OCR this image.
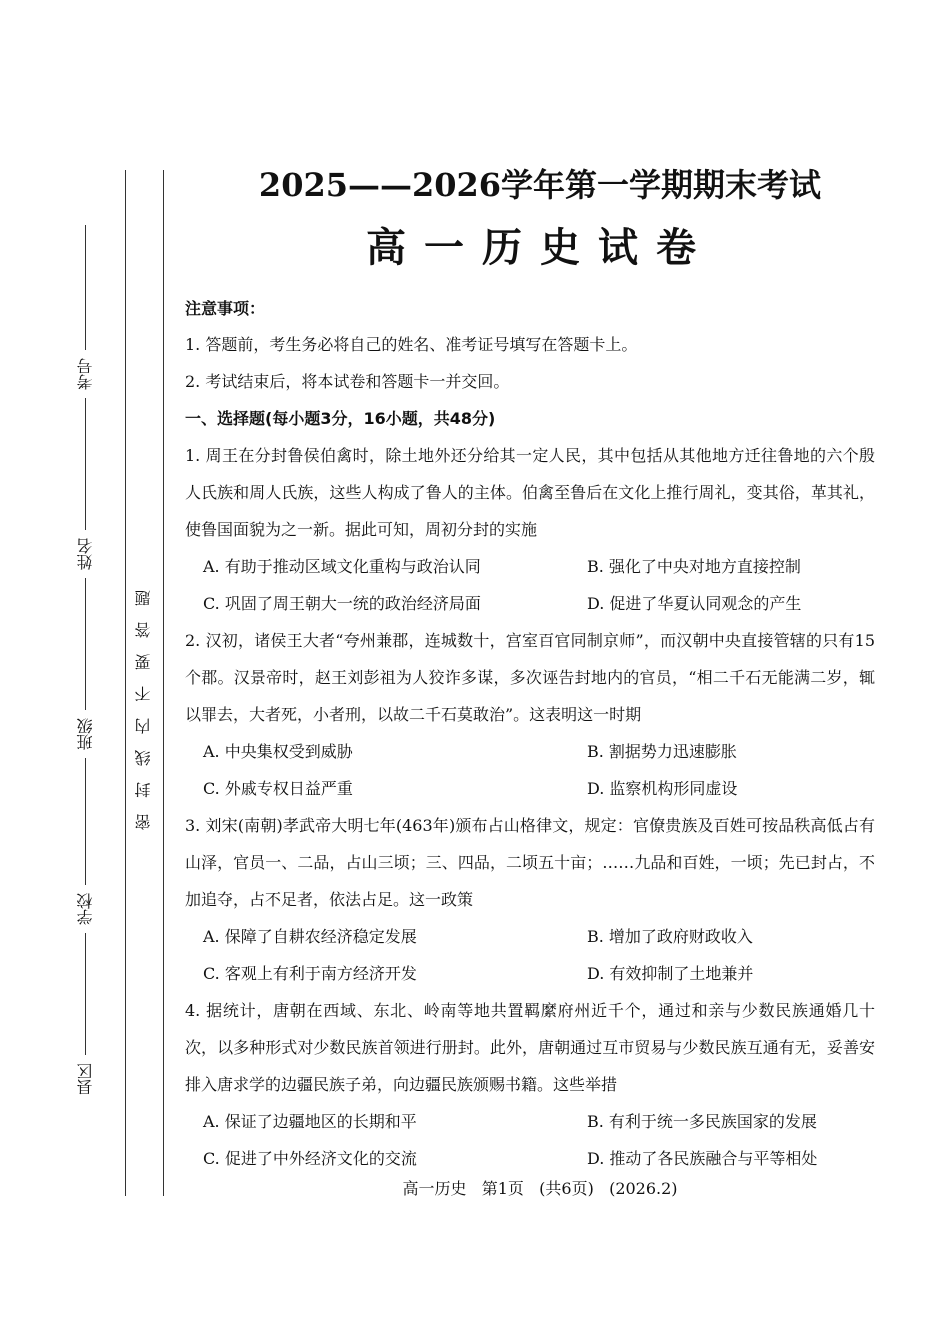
县区
学校
班级
姓名
考号
密封线内不要答题
2025——2026学年第一学期期末考试
高一历史试卷
注意事项：
1. 答题前，考生务必将自己的姓名、准考证号填写在答题卡上。
2. 考试结束后，将本试卷和答题卡一并交回。
一、选择题(每小题3分，16小题，共48分)
1. 周王在分封鲁侯伯禽时，除土地外还分给其一定人民，其中包括从其他地方迁往鲁地的六个殷人氏族和周人氏族，这些人构成了鲁人的主体。伯禽至鲁后在文化上推行周礼，变其俗，革其礼，使鲁国面貌为之一新。据此可知，周初分封的实施
A. 有助于推动区域文化重构与政治认同	B. 强化了中央对地方直接控制
C. 巩固了周王朝大一统的政治经济局面	D. 促进了华夏认同观念的产生
2. 汉初，诸侯王大者“夸州兼郡，连城数十，宫室百官同制京师”，而汉朝中央直接管辖的只有15个郡。汉景帝时，赵王刘彭祖为人狡诈多谋，多次诬告封地内的官员，“相二千石无能满二岁，辄以罪去，大者死，小者刑，以故二千石莫敢治”。这表明这一时期
A. 中央集权受到威胁	B. 割据势力迅速膨胀
C. 外戚专权日益严重	D. 监察机构形同虚设
3. 刘宋(南朝)孝武帝大明七年(463年)颁布占山格律文，规定：官僚贵族及百姓可按品秩高低占有山泽，官员一、二品，占山三顷；三、四品，二顷五十亩；……九品和百姓，一顷；先已封占，不加追夺，占不足者，依法占足。这一政策
A. 保障了自耕农经济稳定发展	B. 增加了政府财政收入
C. 客观上有利于南方经济开发	D. 有效抑制了土地兼并
4. 据统计，唐朝在西域、东北、岭南等地共置羁縻府州近千个，通过和亲与少数民族通婚几十次，以多种形式对少数民族首领进行册封。此外，唐朝通过互市贸易与少数民族互通有无，妥善安排入唐求学的边疆民族子弟，向边疆民族颁赐书籍。这些举措
A. 保证了边疆地区的长期和平	B. 有利于统一多民族国家的发展
C. 促进了中外经济文化的交流	D. 推动了各民族融合与平等相处
高一历史   第1页   (共6页)   (2026.2)
